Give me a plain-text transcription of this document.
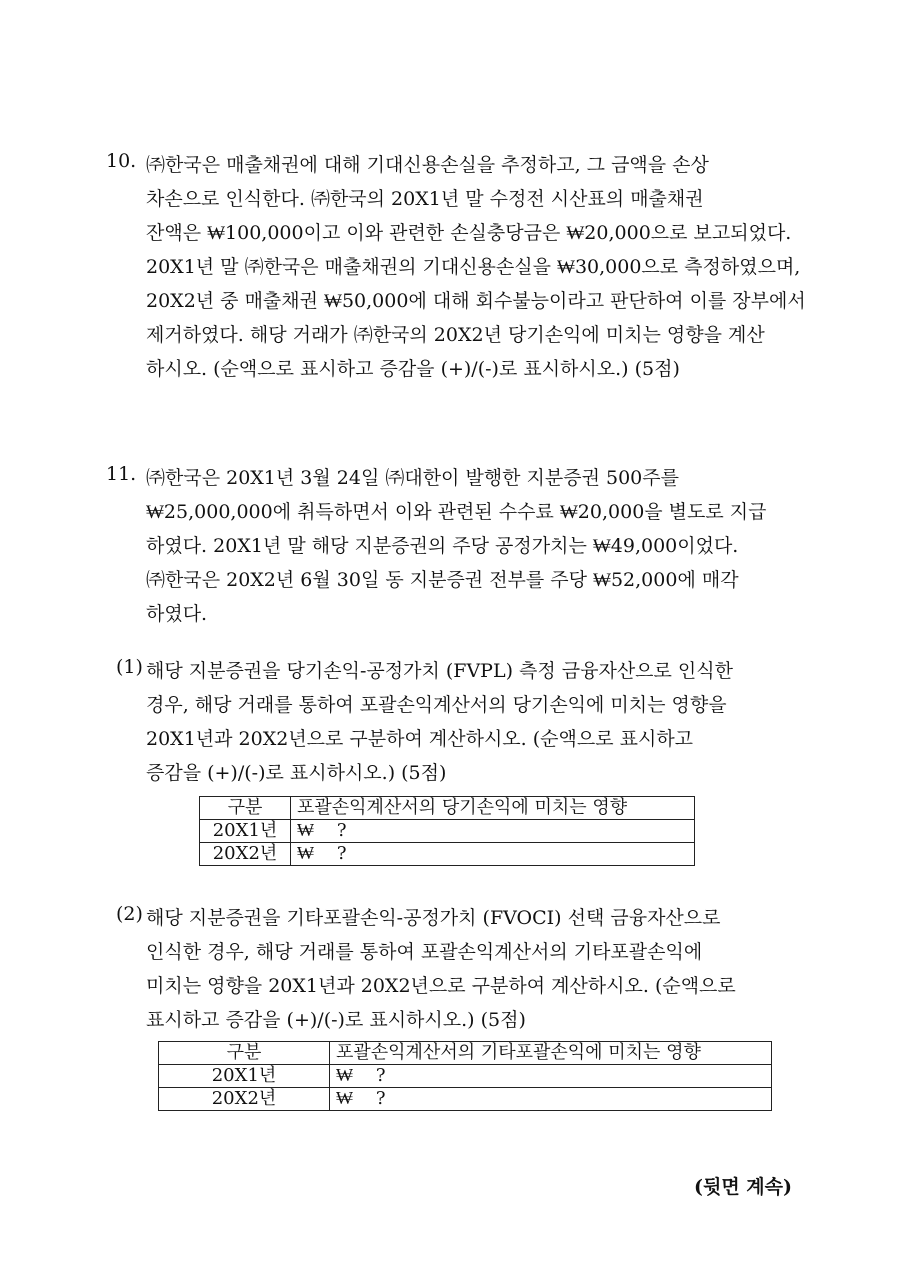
10. ㈜한국은 매출채권에 대해 기대신용손실을 추정하고, 그 금액을 손상
차손으로 인식한다. ㈜한국의 20X1년 말 수정전 시산표의 매출채권
잔액은 ₩100,000이고 이와 관련한 손실충당금은 ₩20,000으로 보고되었다.
20X1년 말 ㈜한국은 매출채권의 기대신용손실을 ₩30,000으로 측정하였으며,
20X2년 중 매출채권 ₩50,000에 대해 회수불능이라고 판단하여 이를 장부에서
제거하였다. 해당 거래가 ㈜한국의 20X2년 당기손익에 미치는 영향을 계산
하시오. (순액으로 표시하고 증감을 (+)/(-)로 표시하시오.) (5점)
11. ㈜한국은 20X1년 3월 24일 ㈜대한이 발행한 지분증권 500주를
₩25,000,000에 취득하면서 이와 관련된 수수료 ₩20,000을 별도로 지급
하였다. 20X1년 말 해당 지분증권의 주당 공정가치는 ₩49,000이었다.
㈜한국은 20X2년 6월 30일 동 지분증권 전부를 주당 ₩52,000에 매각
하였다.
(1) 해당 지분증권을 당기손익-공정가치 (FVPL) 측정 금융자산으로 인식한
경우, 해당 거래를 통하여 포괄손익계산서의 당기손익에 미치는 영향을
20X1년과 20X2년으로 구분하여 계산하시오. (순액으로 표시하고
증감을 (+)/(-)로 표시하시오.) (5점)
구분	포괄손익계산서의 당기손익에 미치는 영향
20X1년	₩    ?
20X2년	₩    ?
(2) 해당 지분증권을 기타포괄손익-공정가치 (FVOCI) 선택 금융자산으로
인식한 경우, 해당 거래를 통하여 포괄손익계산서의 기타포괄손익에
미치는 영향을 20X1년과 20X2년으로 구분하여 계산하시오. (순액으로
표시하고 증감을 (+)/(-)로 표시하시오.) (5점)
구분	포괄손익계산서의 기타포괄손익에 미치는 영향
20X1년	₩    ?
20X2년	₩    ?
(뒷면 계속)
